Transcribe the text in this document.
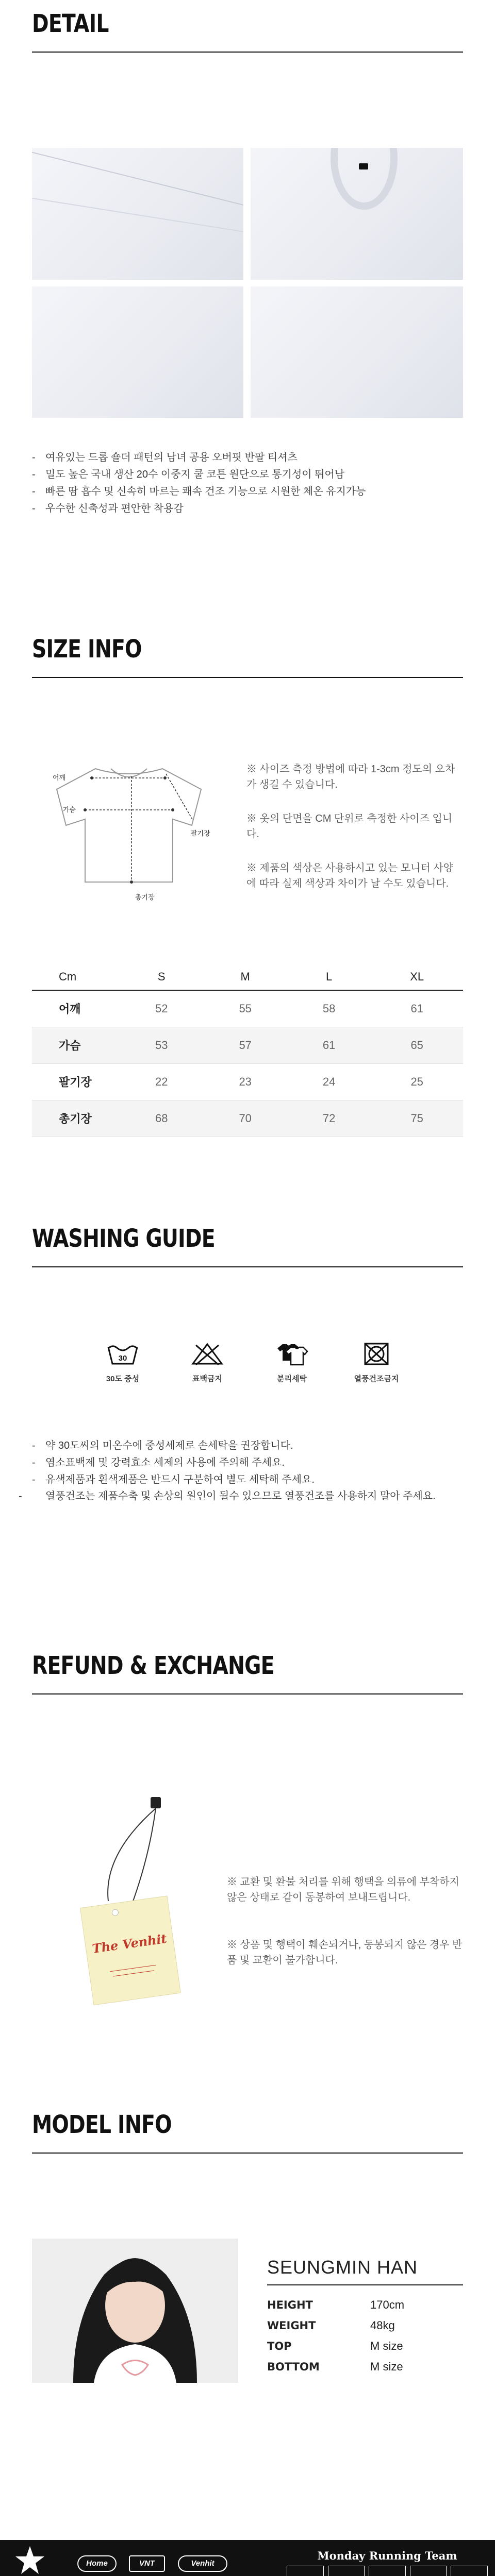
DETAIL
- 여유있는 드롭 숄더 패턴의 남녀 공용 오버핏 반팔 티셔츠
- 밀도 높은 국내 생산 20수 이중지 쿨 코튼 원단으로 통기성이 뛰어남
- 빠른 땀 흡수 및 신속히 마르는 쾌속 건조 기능으로 시원한 체온 유지가능
- 우수한 신축성과 편안한 착용감
SIZE INFO
어깨
가슴
팔기장
총기장
※ 사이즈 측정 방법에 따라 1-3cm 정도의 오차가 생길 수 있습니다.
※ 옷의 단면을 CM 단위로 측정한 사이즈 입니다.
※ 제품의 색상은 사용하시고 있는 모니터 사양에 따라 실제 색상과 차이가 날 수도 있습니다.
Cm	S	M	L	XL
어깨	52	55	58	61
가슴	53	57	61	65
팔기장	22	23	24	25
총기장	68	70	72	75
WASHING GUIDE
30
30도 중성	표백금지	분리세탁	열풍건조금지
- 약 30도씨의 미온수에 중성세제로 손세탁을 권장합니다.
- 염소표백제 및 강력효소 세제의 사용에 주의해 주세요.
- 유색제품과 흰색제품은 반드시 구분하여 별도 세탁해 주세요.
- 열풍건조는 제품수축 및 손상의 원인이 될수 있으므로 열풍건조를 사용하지 말아 주세요.
REFUND & EXCHANGE
The Venhit
※ 교환 및 환불 처리를 위해 행택을 의류에 부착하지 않은 상태로 같이 동봉하여 보내드립니다.
※ 상품 및 행택이 훼손되거나, 동봉되지 않은 경우 반품 및 교환이 불가합니다.
MODEL INFO
SEUNGMIN HAN
HEIGHT	170cm
WEIGHT	48kg
TOP	M size
BOTTOM	M size
Home	VNT	Venhit
Monday Running Team
